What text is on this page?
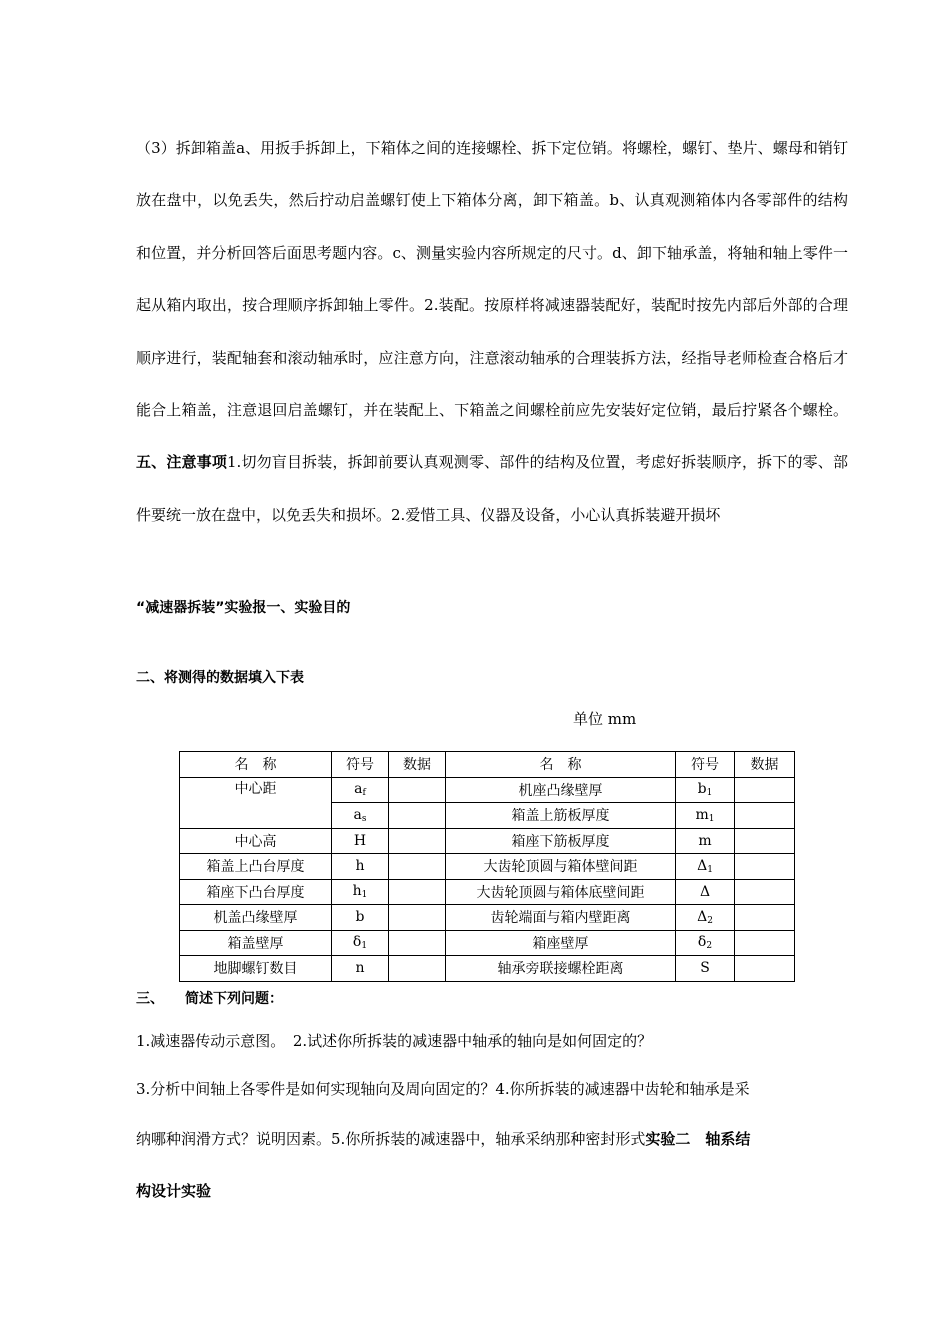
（3）拆卸箱盖a、用扳手拆卸上，下箱体之间的连接螺栓、拆下定位销。将螺栓，螺钉、垫片、螺母和销钉放在盘中，以免丢失，然后拧动启盖螺钉使上下箱体分离，卸下箱盖。b、认真观测箱体内各零部件的结构和位置，并分析回答后面思考题内容。c、测量实验内容所规定的尺寸。d、卸下轴承盖，将轴和轴上零件一起从箱内取出，按合理顺序拆卸轴上零件。2.装配。按原样将减速器装配好，装配时按先内部后外部的合理顺序进行，装配轴套和滚动轴承时，应注意方向，注意滚动轴承的合理装拆方法，经指导老师检查合格后才能合上箱盖，注意退回启盖螺钉，并在装配上、下箱盖之间螺栓前应先安装好定位销，最后拧紧各个螺栓。五、注意事项1.切勿盲目拆装，拆卸前要认真观测零、部件的结构及位置，考虑好拆装顺序，拆下的零、部件要统一放在盘中，以免丢失和损坏。2.爱惜工具、仪器及设备，小心认真拆装避开损坏
“减速器拆装”实验报一、实验目的
二、将测得的数据填入下表
单位 mm
名　称	符号	数据	名　称	符号	数据
中心距	$a_f$		机座凸缘壁厚	$b_1$	
	$a_s$		箱盖上筋板厚度	$m_1$	
中心高	H		箱座下筋板厚度	m	
箱盖上凸台厚度	h		大齿轮顶圆与箱体壁间距	$\Delta_1$	
箱座下凸台厚度	$h_1$		大齿轮顶圆与箱体底壁间距	Δ	
机盖凸缘壁厚	b		齿轮端面与箱内壁距离	$\Delta_2$	
箱盖壁厚	$\delta_1$		箱座壁厚	$\delta_2$	
地脚螺钉数目	n		轴承旁联接螺栓距离	S	
三、　　简述下列问题：
1.减速器传动示意图。　2.试述你所拆装的减速器中轴承的轴向是如何固定的？
3.分析中间轴上各零件是如何实现轴向及周向固定的？4.你所拆装的减速器中齿轮和轴承是采
纳哪种润滑方式？说明因素。5.你所拆装的减速器中，轴承采纳那种密封形式实验二　轴系结
构设计实验
